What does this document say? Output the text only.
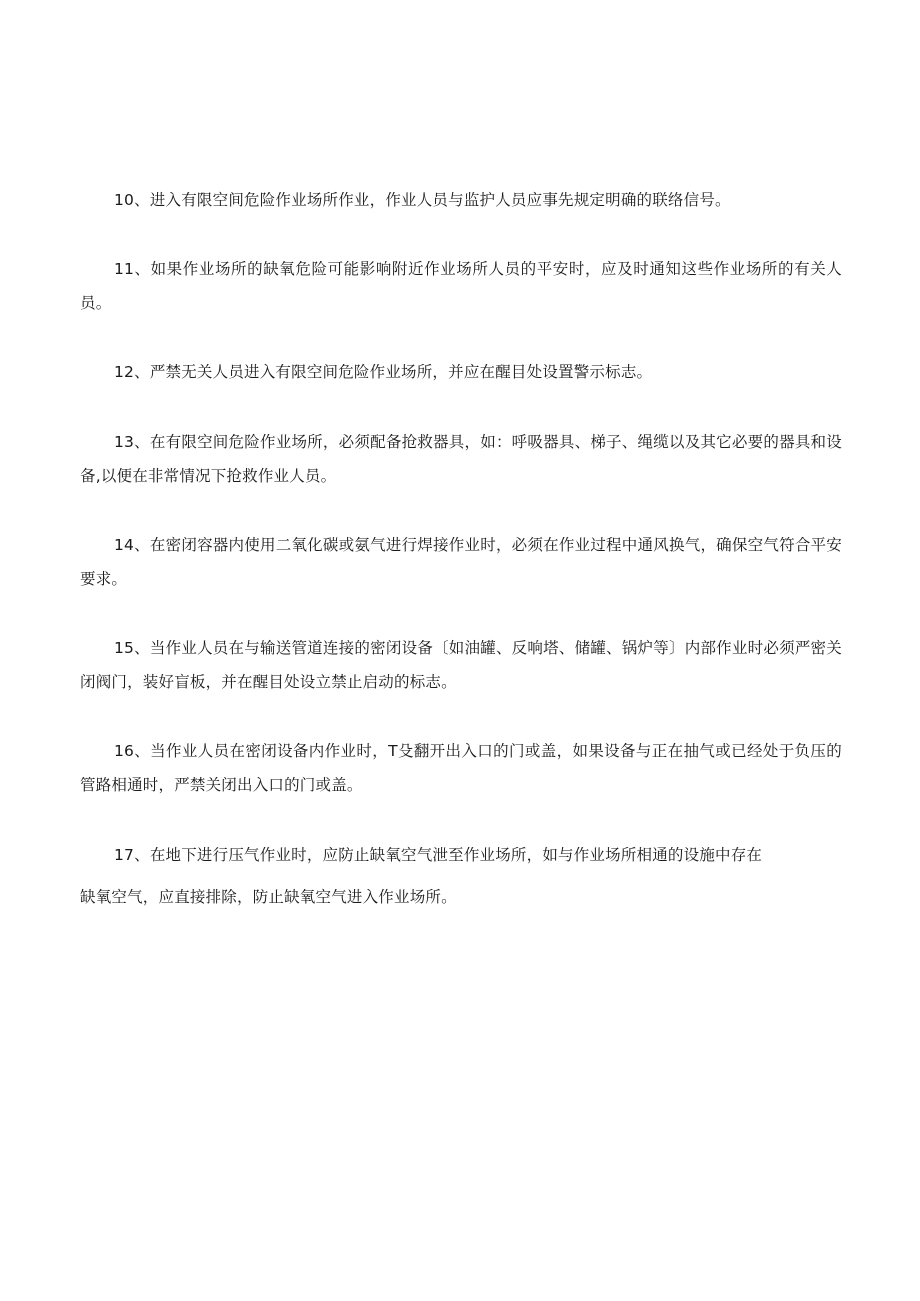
10、进入有限空间危险作业场所作业，作业人员与监护人员应事先规定明确的联络信号。

11、如果作业场所的缺氧危险可能影响附近作业场所人员的平安时，应及时通知这些作业场所的有关人员。

12、严禁无关人员进入有限空间危险作业场所，并应在醒目处设置警示标志。

13、在有限空间危险作业场所，必须配备抢救器具，如：呼吸器具、梯子、绳缆以及其它必要的器具和设备,以便在非常情况下抢救作业人员。

14、在密闭容器内使用二氧化碳或氨气进行焊接作业时，必须在作业过程中通风换气，确保空气符合平安要求。

15、当作业人员在与输送管道连接的密闭设备〔如油罐、反响塔、储罐、锅炉等〕内部作业时必须严密关闭阀门，装好盲板，并在醒目处设立禁止启动的标志。

16、当作业人员在密闭设备内作业时，T殳翻开出入口的门或盖，如果设备与正在抽气或已经处于负压的管路相通时，严禁关闭出入口的门或盖。

17、在地下进行压气作业时，应防止缺氧空气泄至作业场所，如与作业场所相通的设施中存在

缺氧空气，应直接排除，防止缺氧空气进入作业场所。
